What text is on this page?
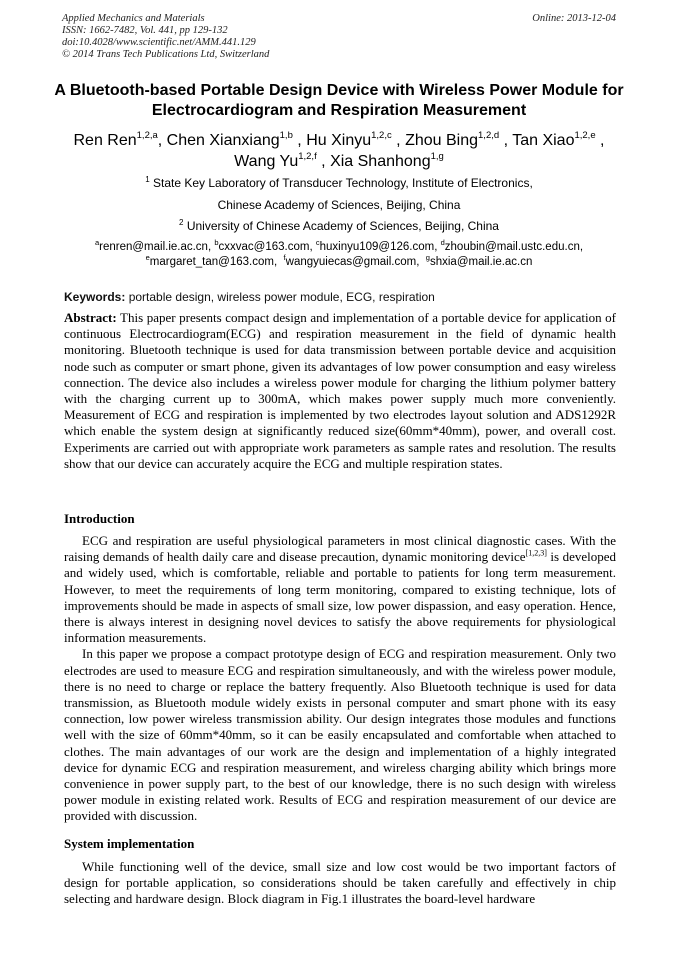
Applied Mechanics and Materials
ISSN: 1662-7482, Vol. 441, pp 129-132
doi:10.4028/www.scientific.net/AMM.441.129
© 2014 Trans Tech Publications Ltd, Switzerland
Online: 2013-12-04
A Bluetooth-based Portable Design Device with Wireless Power Module for Electrocardiogram and Respiration Measurement
Ren Ren$^{1,2,a}$, Chen Xianxiang$^{1,b}$ , Hu Xinyu$^{1,2,c}$ , Zhou Bing$^{1,2,d}$ , Tan Xiao$^{1,2,e}$ ,
Wang Yu$^{1,2,f}$ , Xia Shanhong$^{1,g}$
$^1$ State Key Laboratory of Transducer Technology, Institute of Electronics,
Chinese Academy of Sciences, Beijing, China
$^2$ University of Chinese Academy of Sciences, Beijing, China
$^a$renren@mail.ie.ac.cn, $^b$cxxvac@163.com, $^c$huxinyu109@126.com, $^d$zhoubin@mail.ustc.edu.cn,
$^e$margaret_tan@163.com,  $^f$wangyuiecas@gmail.com,  $^g$shxia@mail.ie.ac.cn
Keywords: portable design, wireless power module, ECG, respiration

Abstract: This paper presents compact design and implementation of a portable device for application of continuous Electrocardiogram(ECG) and respiration measurement in the field of dynamic health monitoring. Bluetooth technique is used for data transmission between portable device and acquisition node such as computer or smart phone, given its advantages of low power consumption and easy wireless connection. The device also includes a wireless power module for charging the lithium polymer battery with the charging current up to 300mA, which makes power supply much more conveniently. Measurement of ECG and respiration is implemented by two electrodes layout solution and ADS1292R which enable the system design at significantly reduced size(60mm*40mm), power, and overall cost. Experiments are carried out with appropriate work parameters as sample rates and resolution. The results show that our device can accurately acquire the ECG and multiple respiration states.

Introduction

ECG and respiration are useful physiological parameters in most clinical diagnostic cases. With the raising demands of health daily care and disease precaution, dynamic monitoring device[1,2,3] is developed and widely used, which is comfortable, reliable and portable to patients for long term measurement. However, to meet the requirements of long term monitoring, compared to existing technique, lots of improvements should be made in aspects of small size, low power dispassion, and easy operation. Hence, there is always interest in designing novel devices to satisfy the above requirements for physiological information measurements.

In this paper we propose a compact prototype design of ECG and respiration measurement. Only two electrodes are used to measure ECG and respiration simultaneously, and with the wireless power module, there is no need to charge or replace the battery frequently. Also Bluetooth technique is used for data transmission, as Bluetooth module widely exists in personal computer and smart phone with its easy connection, low power wireless transmission ability. Our design integrates those modules and functions well with the size of 60mm*40mm, so it can be easily encapsulated and comfortable when attached to clothes. The main advantages of our work are the design and implementation of a highly integrated device for dynamic ECG and respiration measurement, and wireless charging ability which brings more convenience in power supply part, to the best of our knowledge, there is no such design with wireless power module in existing related work. Results of ECG and respiration measurement of our device are provided with discussion.

System implementation

While functioning well of the device, small size and low cost would be two important factors of design for portable application, so considerations should be taken carefully and effectively in chip selecting and hardware design. Block diagram in Fig.1 illustrates the board-level hardware
